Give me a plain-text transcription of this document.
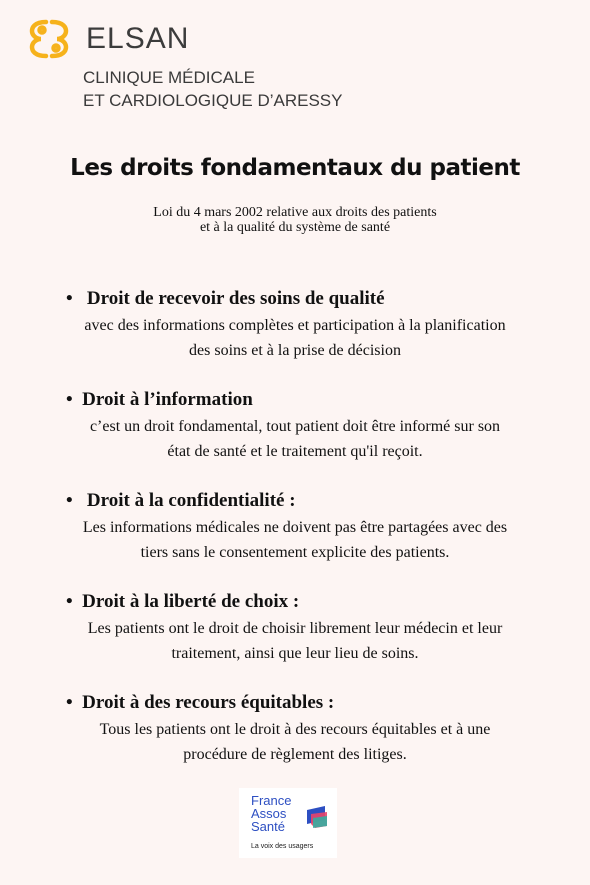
ELSAN
CLINIQUE MÉDICALE
ET CARDIOLOGIQUE D’ARESSY
Les droits fondamentaux du patient
Loi du 4 mars 2002 relative aux droits des patients
et à la qualité du système de santé
•   Droit de recevoir des soins de qualité
avec des informations complètes et participation à la planification
des soins et à la prise de décision
•  Droit à l’information
c’est un droit fondamental, tout patient doit être informé sur son
état de santé et le traitement qu'il reçoit.
•   Droit à la confidentialité :
Les informations médicales ne doivent pas être partagées avec des
tiers sans le consentement explicite des patients.
•  Droit à la liberté de choix :
Les patients ont le droit de choisir librement leur médecin et leur
traitement, ainsi que leur lieu de soins.
•  Droit à des recours équitables :
Tous les patients ont le droit à des recours équitables et à une
procédure de règlement des litiges.
France
Assos
Santé
La voix des usagers
